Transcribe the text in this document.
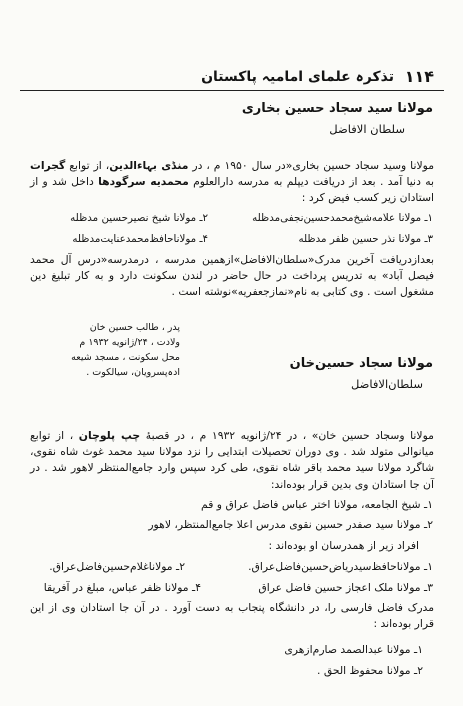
۱۱۴
تذکرہ علمای امامیہ پاکستان
مولانا سید سجاد حسین بخاری
سلطان الافاضل
مولانا وسید سجاد حسین بخاری«در سال ۱۹۵۰ م ، در منڈی بہاءالدین، از توابع گجرات به دنیا آمد . بعد از دریافت دیپلم به مدرسه دارالعلوم محمدیه سرگودها داخل شد و از استادان زیر کسب فیض کرد :
۱ـ مولانا علامه‌شیخ‌محمدحسین‌نجفی‌مدظله
۲ـ مولانا شیخ نصیرحسین مدظله
۳ـ مولانا نذر حسین ظفر مدظله
۴ـ مولاناحافظ‌محمدعنایت‌مدظله
بعدازدریافت آخرین مدرک«سلطان‌الافاضل»ازهمین مدرسه ، درمدرسه«درس آل محمد فیصل آباد» به تدریس پرداخت در حال حاضر در لندن سکونت دارد و به کار تبلیغ دین مشغول است . وی کتابی به نام«نمازجعفریه»نوشته است .
پدر ، طالب حسین خان
ولادت ، ۲۴/ژانویه ۱۹۳۲ م
محل سکونت ، مسجد شیعه
ادہ‌پسرویان، سیالکوت .
مولانا سجاد حسین‌خان
سلطان‌الافاضل
مولانا وسجاد حسین خان» ، در ۲۴/ژانویه ۱۹۳۲ م ، در قصبهٔ چپ‌ پلوچان ، از توابع میانوالی متولد شد . وی دوران تحصیلات ابتدایی را نزد مولانا سید محمد غوث شاه نقوی، شاگرد مولانا سید محمد باقر شاه نقوی، طی کرد سپس وارد جامع‌المنتظر لاهور شد . در آن جا استادان وی بدین قرار بوده‌اند:
۱ـ شیخ الجامعه، مولانا اختر عباس فاضل عراق و قم
۲ـ مولانا سید صفدر حسین نقوی مدرس اعلا جامع‌المنتظر، لاهور
افراد زیر از همدرسان او بوده‌اند :
۱ـ مولاناحافظ‌سیدریاض‌حسین‌فاضل‌عراق.
۲ـ مولاناغلام‌حسین‌فاضل‌عراق.
۳ـ مولانا ملک اعجاز حسین فاضل عراق
۴ـ مولانا ظفر عباس، مبلغ در آفریقا
مدرک فاضل فارسی را، در دانشگاه پنجاب به دست آورد . در آن جا استادان وی از این قرار بوده‌اند :
۱ـ مولانا عبدالصمد صارم‌ازهری
۲ـ مولانا محفوظ الحق .
